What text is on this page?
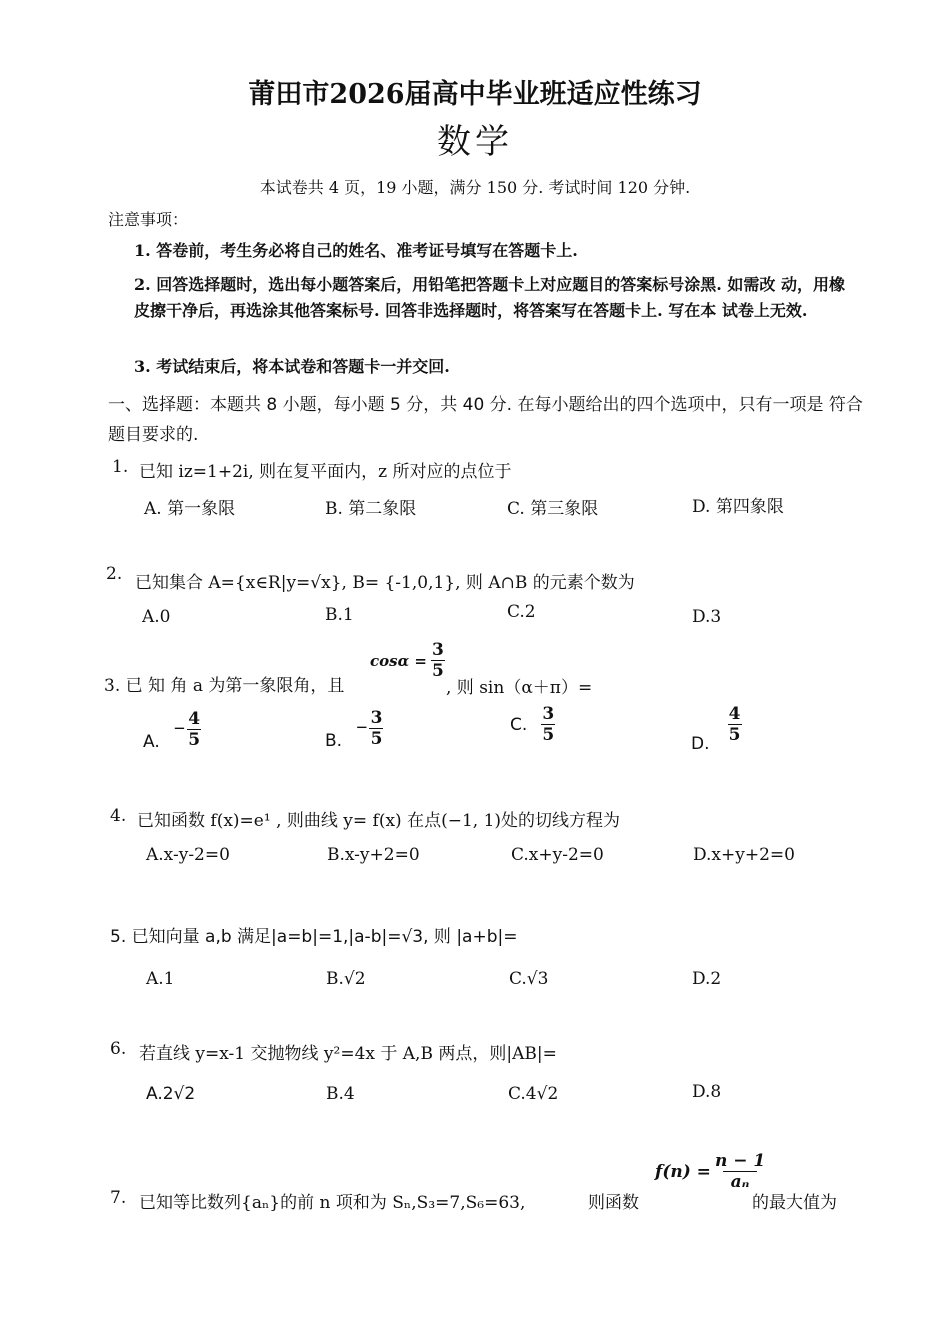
莆田市2026届高中毕业班适应性练习
数学
本试卷共 4 页，19 小题，满分 150 分. 考试时间 120 分钟.
注意事项：
1. 答卷前，考生务必将自己的姓名、准考证号填写在答题卡上.
2. 回答选择题时，选出每小题答案后，用铅笔把答题卡上对应题目的答案标号涂黑. 如需改 动，用橡皮擦干净后，再选涂其他答案标号. 回答非选择题时，将答案写在答题卡上. 写在本 试卷上无效.
3. 考试结束后，将本试卷和答题卡一并交回.
一、选择题：本题共 8 小题，每小题 5 分，共 40 分. 在每小题给出的四个选项中，只有一项是 符合题目要求的.
1. 已知 iz=1+2i, 则在复平面内，z 所对应的点位于
A. 第一象限	B. 第二象限	C. 第三象限	D. 第四象限
2. 已知集合 A={x∈R|y=√x}, B= {-1,0,1}, 则 A∩B 的元素个数为
A.0	B.1	C.2	D.3
3. 已 知 角 a 为第一象限角，且
$\cos\alpha = \frac{3}{5}$
, 则 sin（α＋π）=
A.
− $\frac{4}{5}$	B.
− $\frac{3}{5}$	C. $\frac{3}{5}$	D.
$\frac{4}{5}$
4. 已知函数 f(x)=e¹ , 则曲线 y= f(x) 在点(−1, 1)处的切线方程为
A.x-y-2=0	B.x-y+2=0	C.x+y-2=0	D.x+y+2=0
5. 已知向量 a,b 满足|a=b|=1,|a-b|=√3, 则 |a+b|=
A.1	B.√2	C.√3	D.2
6. 若直线 y=x-1 交抛物线 y²=4x 于 A,B 两点，则|AB|=
A.2√2	B.4	C.4√2	D.8
7. 已知等比数列{aₙ}的前 n 项和为 Sₙ,S₃=7,S₆=63,	则函数
$f(n) = \frac{n - 1}{\text{aₙ}}$
的最大值为
